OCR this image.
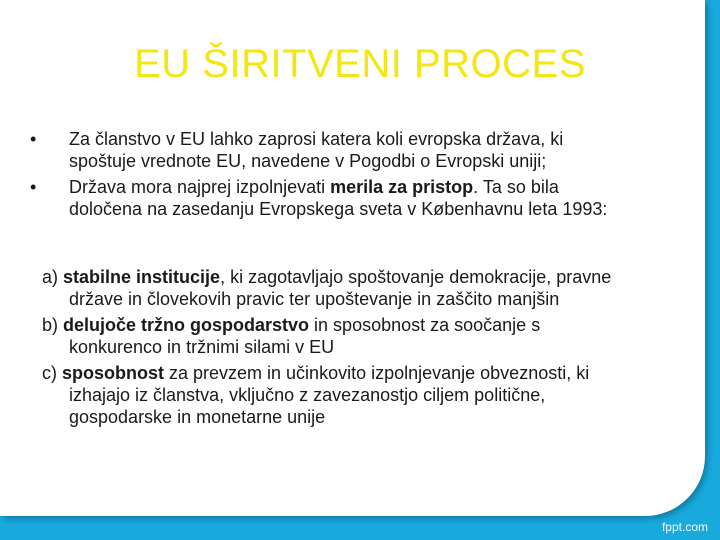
EU ŠIRITVENI PROCES
• Za članstvo v EU lahko zaprosi katera koli evropska država, ki
spoštuje vrednote EU, navedene v Pogodbi o Evropski uniji;
• Država mora najprej izpolnjevati merila za pristop. Ta so bila
določena na zasedanju Evropskega sveta v Københavnu leta 1993:

a) stabilne institucije, ki zagotavljajo spoštovanje demokracije, pravne
države in človekovih pravic ter upoštevanje in zaščito manjšin

b) delujoče tržno gospodarstvo in sposobnost za soočanje s
konkurenco in tržnimi silami v EU

c) sposobnost za prevzem in učinkovito izpolnjevanje obveznosti, ki
izhajajo iz članstva, vključno z zavezanostjo ciljem politične,
gospodarske in monetarne unije

fppt.com
